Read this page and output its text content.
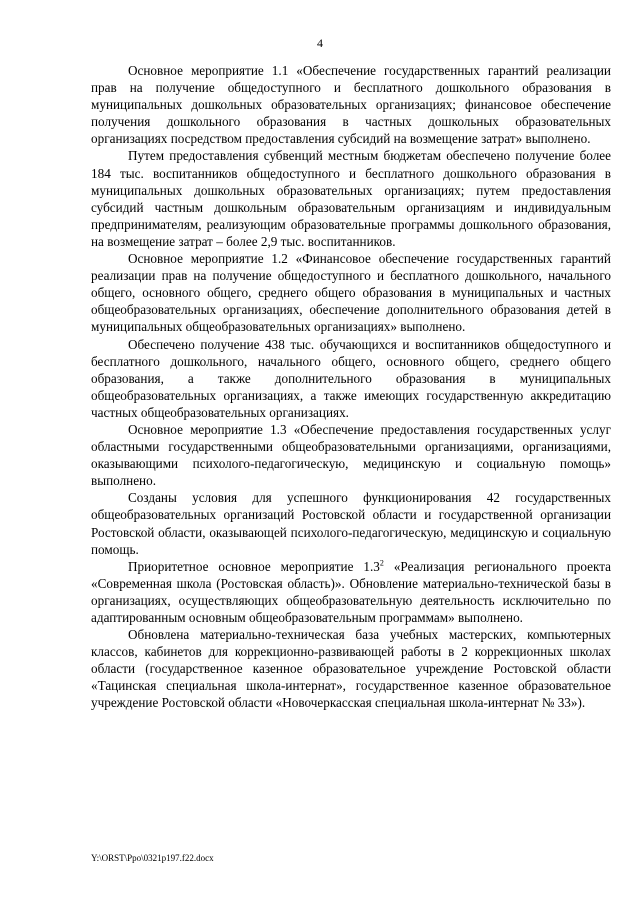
4

Основное мероприятие 1.1 «Обеспечение государственных гарантий реализации прав на получение общедоступного и бесплатного дошкольного образования в муниципальных дошкольных образовательных организациях; финансовое обеспечение получения дошкольного образования в частных дошкольных образовательных организациях посредством предоставления субсидий на возмещение затрат» выполнено.

Путем предоставления субвенций местным бюджетам обеспечено получение более 184 тыс. воспитанников общедоступного и бесплатного дошкольного образования в муниципальных дошкольных образовательных организациях; путем предоставления субсидий частным дошкольным образовательным организациям и индивидуальным предпринимателям, реализующим образовательные программы дошкольного образования, на возмещение затрат – более 2,9 тыс. воспитанников.

Основное мероприятие 1.2 «Финансовое обеспечение государственных гарантий реализации прав на получение общедоступного и бесплатного дошкольного, начального общего, основного общего, среднего общего образования в муниципальных и частных общеобразовательных организациях, обеспечение дополнительного образования детей в муниципальных общеобразовательных организациях» выполнено.

Обеспечено получение 438 тыс. обучающихся и воспитанников общедоступного и бесплатного дошкольного, начального общего, основного общего, среднего общего образования, а также дополнительного образования в муниципальных общеобразовательных организациях, а также имеющих государственную аккредитацию частных общеобразовательных организациях.

Основное мероприятие 1.3 «Обеспечение предоставления государственных услуг областными государственными общеобразовательными организациями, организациями, оказывающими психолого-педагогическую, медицинскую и социальную помощь» выполнено.

Созданы условия для успешного функционирования 42 государственных общеобразовательных организаций Ростовской области и государственной организации Ростовской области, оказывающей психолого-педагогическую, медицинскую и социальную помощь.

Приоритетное основное мероприятие $1.3^2$ «Реализация регионального проекта «Современная школа (Ростовская область)». Обновление материально-технической базы в организациях, осуществляющих общеобразовательную деятельность исключительно по адаптированным основным общеобразовательным программам» выполнено.

Обновлена материально-техническая база учебных мастерских, компьютерных классов, кабинетов для коррекционно-развивающей работы в 2 коррекционных школах области (государственное казенное образовательное учреждение Ростовской области «Тацинская специальная школа-интернат», государственное казенное образовательное учреждение Ростовской области «Новочеркасская специальная школа-интернат № 33»).

Y:\ORST\Ppo\0321p197.f22.docx
